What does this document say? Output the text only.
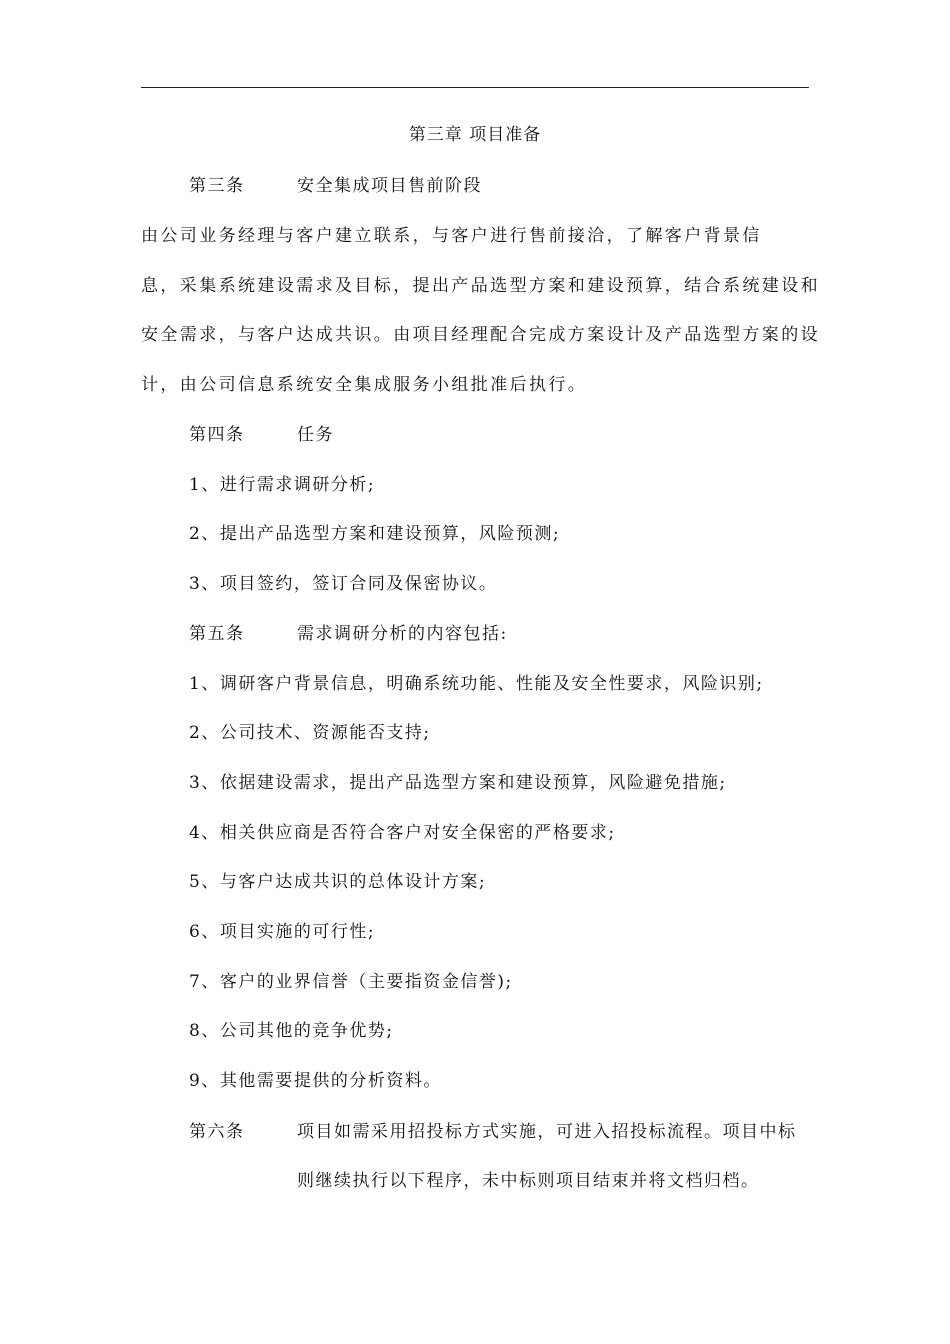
第三章 项目准备
第三条	安全集成项目售前阶段
由公司业务经理与客户建立联系，与客户进行售前接洽，了解客户背景信
息，采集系统建设需求及目标，提出产品选型方案和建设预算，结合系统建设和
安全需求，与客户达成共识。由项目经理配合完成方案设计及产品选型方案的设
计，由公司信息系统安全集成服务小组批准后执行。
第四条	任务
1、进行需求调研分析;
2、提出产品选型方案和建设预算，风险预测;
3、项目签约，签订合同及保密协议。
第五条	需求调研分析的内容包括:
1、调研客户背景信息，明确系统功能、性能及安全性要求，风险识别;
2、公司技术、资源能否支持;
3、依据建设需求，提出产品选型方案和建设预算，风险避免措施;
4、相关供应商是否符合客户对安全保密的严格要求;
5、与客户达成共识的总体设计方案;
6、项目实施的可行性;
7、客户的业界信誉（主要指资金信誉);
8、公司其他的竞争优势;
9、其他需要提供的分析资料。
第六条	项目如需采用招投标方式实施，可进入招投标流程。项目中标
则继续执行以下程序，未中标则项目结束并将文档归档。
